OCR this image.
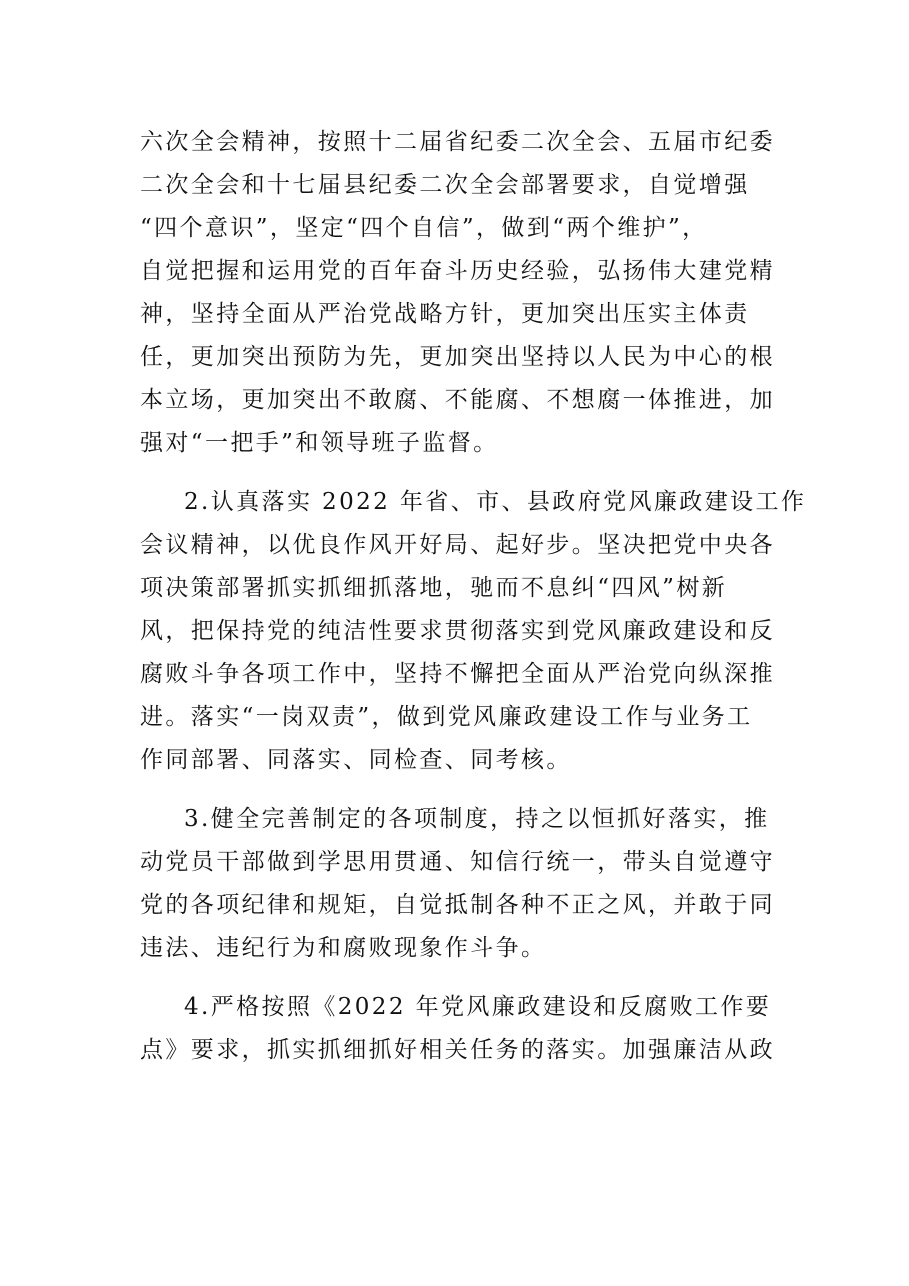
六次全会精神，按照十二届省纪委二次全会、五届市纪委
二次全会和十七届县纪委二次全会部署要求，自觉增强
“四个意识”，坚定“四个自信”，做到“两个维护”，
自觉把握和运用党的百年奋斗历史经验，弘扬伟大建党精
神，坚持全面从严治党战略方针，更加突出压实主体责
任，更加突出预防为先，更加突出坚持以人民为中心的根
本立场，更加突出不敢腐、不能腐、不想腐一体推进，加
强对“一把手”和领导班子监督。
2.认真落实 2022 年省、市、县政府党风廉政建设工作
会议精神，以优良作风开好局、起好步。坚决把党中央各
项决策部署抓实抓细抓落地，驰而不息纠“四风”树新
风，把保持党的纯洁性要求贯彻落实到党风廉政建设和反
腐败斗争各项工作中，坚持不懈把全面从严治党向纵深推
进。落实“一岗双责”，做到党风廉政建设工作与业务工
作同部署、同落实、同检查、同考核。
3.健全完善制定的各项制度，持之以恒抓好落实，推
动党员干部做到学思用贯通、知信行统一，带头自觉遵守
党的各项纪律和规矩，自觉抵制各种不正之风，并敢于同
违法、违纪行为和腐败现象作斗争。
4.严格按照《2022 年党风廉政建设和反腐败工作要
点》要求，抓实抓细抓好相关任务的落实。加强廉洁从政
